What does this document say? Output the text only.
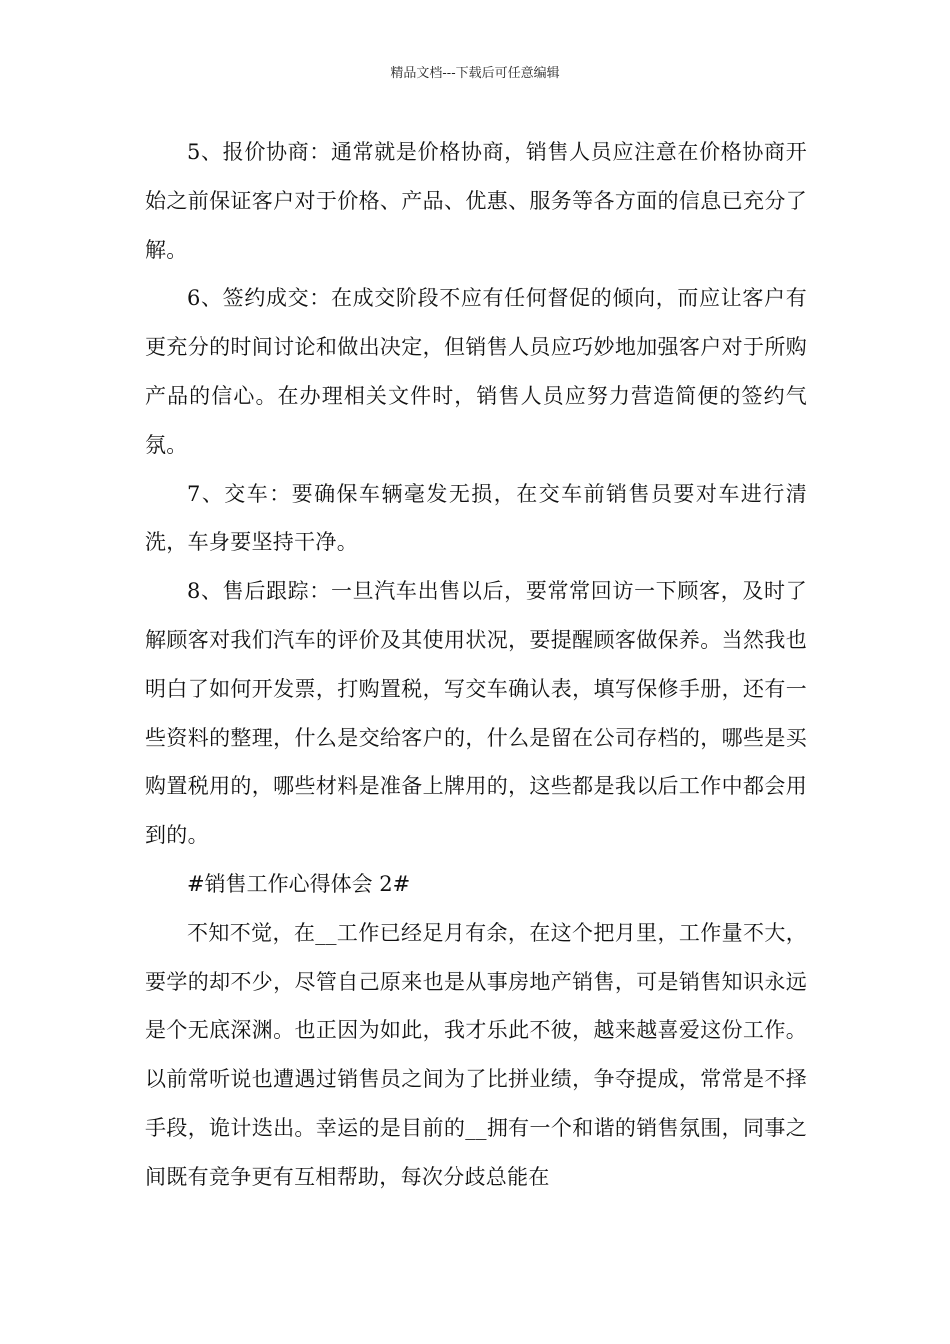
精品文档---下载后可任意编辑

5、报价协商：通常就是价格协商，销售人员应注意在价格协商开始之前保证客户对于价格、产品、优惠、服务等各方面的信息已充分了解。

6、签约成交：在成交阶段不应有任何督促的倾向，而应让客户有更充分的时间讨论和做出决定，但销售人员应巧妙地加强客户对于所购产品的信心。在办理相关文件时，销售人员应努力营造简便的签约气氛。

7、交车：要确保车辆毫发无损，在交车前销售员要对车进行清洗，车身要坚持干净。

8、售后跟踪：一旦汽车出售以后，要常常回访一下顾客，及时了解顾客对我们汽车的评价及其使用状况，要提醒顾客做保养。当然我也明白了如何开发票，打购置税，写交车确认表，填写保修手册，还有一些资料的整理，什么是交给客户的，什么是留在公司存档的，哪些是买购置税用的，哪些材料是准备上牌用的，这些都是我以后工作中都会用到的。

#销售工作心得体会 2#

不知不觉，在__工作已经足月有余，在这个把月里，工作量不大，要学的却不少，尽管自己原来也是从事房地产销售，可是销售知识永远是个无底深渊。也正因为如此，我才乐此不彼，越来越喜爱这份工作。以前常听说也遭遇过销售员之间为了比拼业绩，争夺提成，常常是不择手段，诡计迭出。幸运的是目前的__拥有一个和谐的销售氛围，同事之间既有竞争更有互相帮助，每次分歧总能在
